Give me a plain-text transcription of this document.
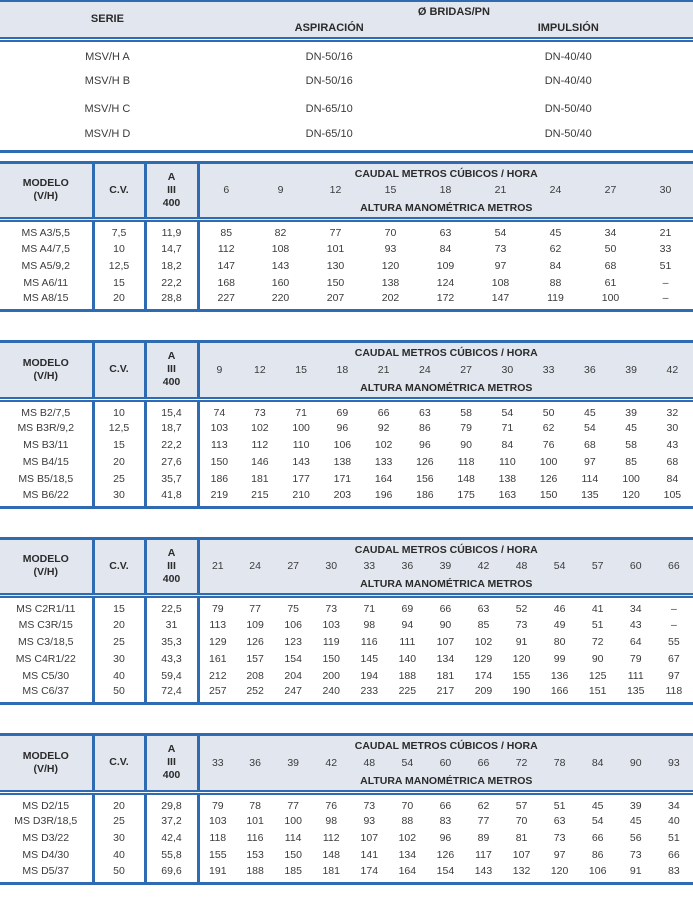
SERIE	Ø BRIDAS/PN	
	ASPIRACIÓN	IMPULSIÓN
MSV/H A	DN-50/16	DN-40/40
MSV/H B	DN-50/16	DN-40/40
MSV/H C	DN-65/10	DN-50/40
MSV/H D	DN-65/10	DN-50/40
MODELO
(V/H)
	C.V.	
A
III
400
	CAUDAL METROS CÚBICOS / HORA
			6	9	12	15	18	21	24	27	30
			ALTURA MANOMÉTRICA METROS								
MS A3/5,5	7,5	11,9	85	82	77	70	63	54	45	34	21
MS A4/7,5	10	14,7	112	108	101	93	84	73	62	50	33
MS A5/9,2	12,5	18,2	147	143	130	120	109	97	84	68	51
MS A6/11	15	22,2	168	160	150	138	124	108	88	61	–
MS A8/15	20	28,8	227	220	207	202	172	147	119	100	–
MODELO
(V/H)
	C.V.	
A
III
400
	CAUDAL METROS CÚBICOS / HORA
			9	12	15	18	21	24	27	30	33	36	39	42
			ALTURA MANOMÉTRICA METROS											
MS B2/7,5	10	15,4	74	73	71	69	66	63	58	54	50	45	39	32
MS B3R/9,2	12,5	18,7	103	102	100	96	92	86	79	71	62	54	45	30
MS B3/11	15	22,2	113	112	110	106	102	96	90	84	76	68	58	43
MS B4/15	20	27,6	150	146	143	138	133	126	118	110	100	97	85	68
MS B5/18,5	25	35,7	186	181	177	171	164	156	148	138	126	114	100	84
MS B6/22	30	41,8	219	215	210	203	196	186	175	163	150	135	120	105
MODELO
(V/H)
	C.V.	
A
III
400
	CAUDAL METROS CÚBICOS / HORA
			21	24	27	30	33	36	39	42	48	54	57	60	66
			ALTURA MANOMÉTRICA METROS												
MS C2R1/11	15	22,5	79	77	75	73	71	69	66	63	52	46	41	34	–
MS C3R/15	20	31	113	109	106	103	98	94	90	85	73	49	51	43	–
MS C3/18,5	25	35,3	129	126	123	119	116	111	107	102	91	80	72	64	55
MS C4R1/22	30	43,3	161	157	154	150	145	140	134	129	120	99	90	79	67
MS C5/30	40	59,4	212	208	204	200	194	188	181	174	155	136	125	111	97
MS C6/37	50	72,4	257	252	247	240	233	225	217	209	190	166	151	135	118
MODELO
(V/H)
	C.V.	
A
III
400
	CAUDAL METROS CÚBICOS / HORA
			33	36	39	42	48	54	60	66	72	78	84	90	93
			ALTURA MANOMÉTRICA METROS												
MS D2/15	20	29,8	79	78	77	76	73	70	66	62	57	51	45	39	34
MS D3R/18,5	25	37,2	103	101	100	98	93	88	83	77	70	63	54	45	40
MS D3/22	30	42,4	118	116	114	112	107	102	96	89	81	73	66	56	51
MS D4/30	40	55,8	155	153	150	148	141	134	126	117	107	97	86	73	66
MS D5/37	50	69,6	191	188	185	181	174	164	154	143	132	120	106	91	83
